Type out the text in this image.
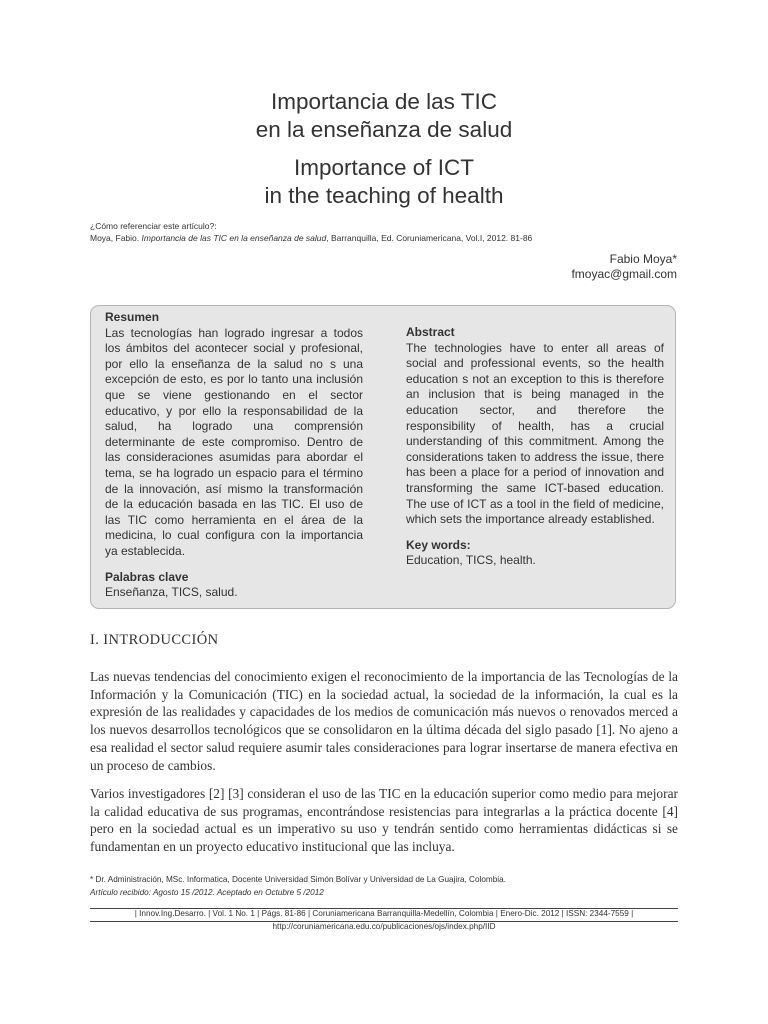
Importancia de las TIC
en la enseñanza de salud
Importance of ICT
in the teaching of health
¿Cómo referenciar este artículo?:
Moya, Fabio. Importancia de las TIC en la enseñanza de salud, Barranquilla, Ed. Coruniamericana, Vol.I, 2012. 81-86
Fabio Moya*
fmoyac@gmail.com
Resumen
Las tecnologías han logrado ingresar a todos los ámbitos del acontecer social y profesional, por ello la enseñanza de la salud no s una excepción de esto, es por lo tanto una inclusión que se viene gestionando en el sector educativo, y por ello la responsabilidad de la salud, ha logrado una comprensión determinante de este compromiso. Dentro de las consideraciones asumidas para abordar el tema, se ha logrado un espacio para el término de la innovación, así mismo la transformación de la educación basada en las TIC. El uso de las TIC como herramienta en el área de la medicina, lo cual configura con la importancia ya establecida.
Palabras clave
Enseñanza, TICS, salud.
Abstract
The technologies have to enter all areas of social and professional events, so the health education s not an exception to this is therefore an inclusion that is being managed in the education sector, and therefore the responsibility of health, has a crucial understanding of this commitment. Among the considerations taken to address the issue, there has been a place for a period of innovation and transforming the same ICT-based education. The use of ICT as a tool in the field of medicine, which sets the importance already established.
Key words:
Education, TICS, health.
I. INTRODUCCIÓN
Las nuevas tendencias del conocimiento exigen el reconocimiento de la importancia de las Tecnologías de la Información y la Comunicación (TIC) en la sociedad actual, la sociedad de la información, la cual es la expresión de las realidades y capacidades de los medios de comunicación más nuevos o renovados merced a los nuevos desarrollos tecnológicos que se consolidaron en la última década del siglo pasado [1]. No ajeno a esa realidad el sector salud requiere asumir tales consideraciones para lograr insertarse de manera efectiva en un proceso de cambios.
Varios investigadores [2] [3] consideran el uso de las TIC en la educación superior como medio para mejorar la calidad educativa de sus programas, encontrándose resistencias para integrarlas a la práctica docente [4] pero en la sociedad actual es un imperativo su uso y tendrán sentido como herramientas didácticas si se fundamentan en un proyecto educativo institucional que las incluya.
* Dr. Administración, MSc. Informatica, Docente Universidad Simón Bolívar y Universidad de La Guajira, Colombia.
Artículo recibido: Agosto 15 /2012. Aceptado en Octubre 5 /2012
| Innov.Ing.Desarro. | Vol. 1 No. 1 | Págs. 81-86 | Coruniamericana Barranquilla-Medellín, Colombia | Enero-Dic. 2012 | ISSN: 2344-7559 |
http://coruniamericana.edu.co/publicaciones/ojs/index.php/IID
